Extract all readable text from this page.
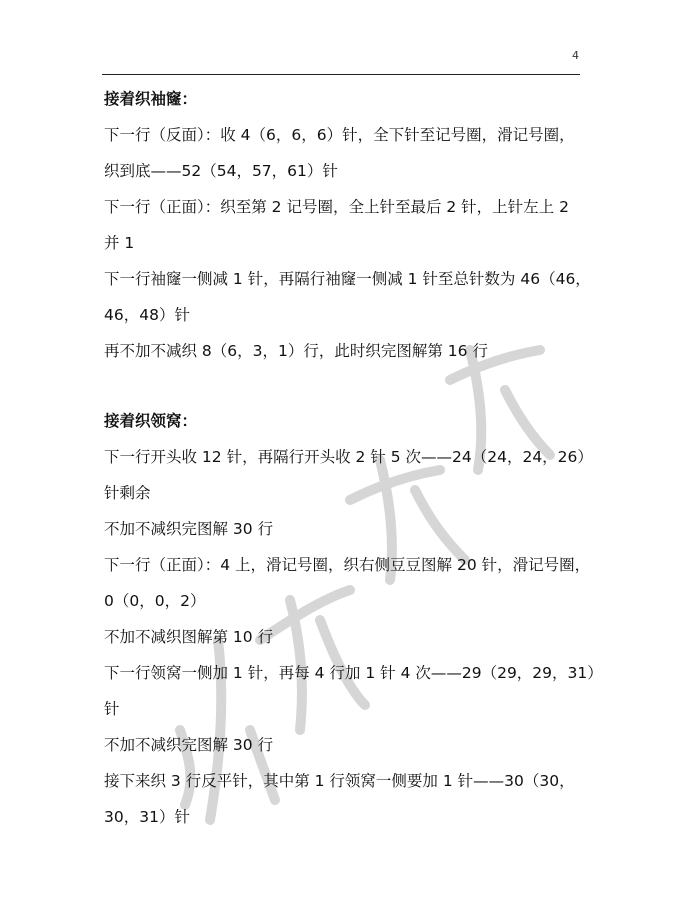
4
接着织袖窿：
下一行（反面）：收 4（6，6，6）针，全下针至记号圈，滑记号圈，
织到底——52（54，57，61）针
下一行（正面）：织至第 2 记号圈，全上针至最后 2 针，上针左上 2
并 1
下一行袖窿一侧减 1 针，再隔行袖窿一侧减 1 针至总针数为 46（46，
46，48）针
再不加不减织 8（6，3，1）行，此时织完图解第 16 行
接着织领窝：
下一行开头收 12 针，再隔行开头收 2 针 5 次——24（24，24，26）
针剩余
不加不减织完图解 30 行
下一行（正面）：4 上，滑记号圈，织右侧豆豆图解 20 针，滑记号圈，
0（0，0，2）
不加不减织图解第 10 行
下一行领窝一侧加 1 针，再每 4 行加 1 针 4 次——29（29，29，31）
针
不加不减织完图解 30 行
接下来织 3 行反平针，其中第 1 行领窝一侧要加 1 针——30（30，
30，31）针
